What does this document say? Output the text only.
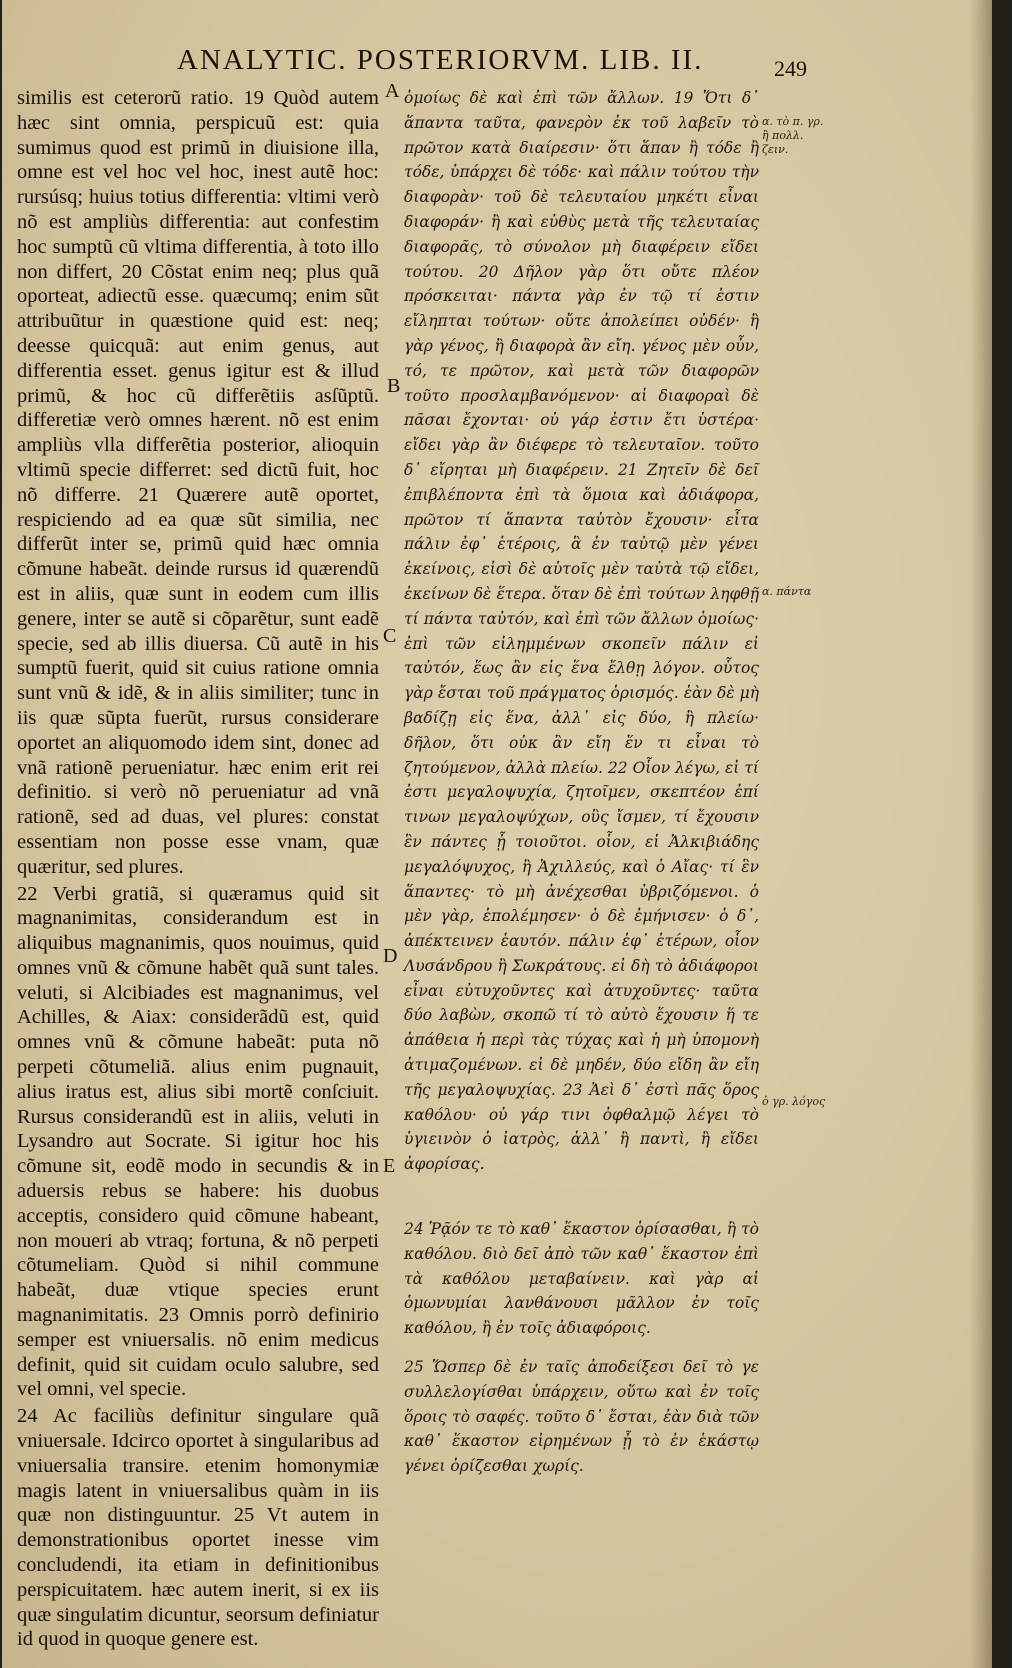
ANALYTIC. POSTERIORVM. LIB. II.	249

similis est ceterorũ ratio. 19 Quòd autem hæc sint omnia, perspicuũ est: quia sumimus quod est primũ in diuisione illa, omne est vel hoc vel hoc, inest autẽ hoc: rursúsq; huius totius differentia: vltimi verò nõ est ampliùs differentia: aut confestim hoc sumptũ cũ vltima differentia, à toto illo non differt, 20 Cõstat enim neq; plus quã oporteat, adiectũ esse. quæcumq; enim sũt attribuũtur in quæstione quid est: neq; deesse quicquã: aut enim genus, aut differentia esset. genus igitur est & illud primũ, & hoc cũ differẽtiis asſũptũ. differetiæ verò omnes hærent. nõ est enim ampliùs vlla differẽtia posterior, alioquin vltimũ specie differret: sed dictũ fuit, hoc nõ differre. 21 Quærere autẽ oportet, respiciendo ad ea quæ sũt similia, nec differũt inter se, primũ quid hæc omnia cõmune habeãt. deinde rursus id quærendũ est in aliis, quæ sunt in eodem cum illis genere, inter se autẽ si cõparẽtur, sunt eadẽ specie, sed ab illis diuersa. Cũ autẽ in his sumptũ fuerit, quid sit cuius ratione omnia sunt vnũ & idẽ, & in aliis similiter; tunc in iis quæ sũpta fuerũt, rursus considerare oportet an aliquomodo idem sint, donec ad vnã rationẽ perueniatur. hæc enim erit rei definitio. si verò nõ perueniatur ad vnã rationẽ, sed ad duas, vel plures: constat essentiam non posse esse vnam, quæ quæritur, sed plures.

22 Verbi gratiã, si quæramus quid sit magnanimitas, considerandum est in aliquibus magnanimis, quos nouimus, quid omnes vnũ & cõmune habẽt quã sunt tales. veluti, si Alcibiades est magnanimus, vel Achilles, & Aiax: considerãdũ est, quid omnes vnũ & cõmune habeãt: puta nõ perpeti cõtumeliã. alius enim pugnauit, alius iratus est, alius sibi mortẽ conſciuit. Rursus considerandũ est in aliis, veluti in Lysandro aut Socrate. Si igitur hoc his cõmune sit, eodẽ modo in secundis & in aduersis rebus se habere: his duobus acceptis, considero quid cõmune habeant, non moueri ab vtraq; fortuna, & nõ perpeti cõtumeliam. Quòd si nihil commune habeãt, duæ vtique species erunt magnanimitatis. 23 Omnis porrò definirio semper est vniuersalis. nõ enim medicus definit, quid sit cuidam oculo salubre, sed vel omni, vel specie.

24 Ac faciliùs definitur singulare quã vniuersale. Idcirco oportet à singularibus ad vniuersalia transire. etenim homonymiæ magis latent in vniuersalibus quàm in iis quæ non distinguuntur. 25 Vt autem in demonstrationibus oportet inesse vim concludendi, ita etiam in definitionibus perspicuitatem. hæc autem inerit, si ex iis quæ singulatim dicuntur, seorsum definiatur id quod in quoque genere est.

A
B
C
D
E

ὁμοίως δὲ καὶ ἐπὶ τῶν ἄλλων. 19 Ὅτι δ᾽ ἅπαντα ταῦτα, φανερὸν ἐκ τοῦ λαβεῖν τὸ πρῶτον κατὰ διαίρεσιν· ὅτι ἅπαν ἢ τόδε ἢ τόδε, ὑπάρχει δὲ τόδε· καὶ πάλιν τούτου τὴν διαφορὰν· τοῦ δὲ τελευταίου μηκέτι εἶναι διαφοράν· ἢ καὶ εὐθὺς μετὰ τῆς τελευταίας διαφορᾶς, τὸ σύνολον μὴ διαφέρειν εἴδει τούτου. 20 Δῆλον γὰρ ὅτι οὔτε πλέον πρόσκειται· πάντα γὰρ ἐν τῷ τί ἐστιν εἴληπται τούτων· οὔτε ἀπολείπει οὐδέν· ἢ γὰρ γένος, ἢ διαφορὰ ἂν εἴη. γένος μὲν οὖν, τό, τε πρῶτον, καὶ μετὰ τῶν διαφορῶν τοῦτο προσλαμβανόμενον· αἱ διαφοραὶ δὲ πᾶσαι ἔχονται· οὐ γάρ ἐστιν ἔτι ὑστέρα· εἴδει γὰρ ἂν διέφερε τὸ τελευταῖον. τοῦτο δ᾽ εἴρηται μὴ διαφέρειν. 21 Ζητεῖν δὲ δεῖ ἐπιβλέποντα ἐπὶ τὰ ὅμοια καὶ ἀδιάφορα, πρῶτον τί ἅπαντα ταὐτὸν ἔχουσιν· εἶτα πάλιν ἐφ᾽ ἑτέροις, ἃ ἐν ταὐτῷ μὲν γένει ἐκείνοις, εἰσὶ δὲ αὑτοῖς μὲν ταὐτὰ τῷ εἴδει, ἐκείνων δὲ ἕτερα. ὅταν δὲ ἐπὶ τούτων ληφθῇ τί πάντα ταὐτόν, καὶ ἐπὶ τῶν ἄλλων ὁμοίως· ἐπὶ τῶν εἰλημμένων σκοπεῖν πάλιν εἰ ταὐτόν, ἕως ἂν εἰς ἕνα ἔλθῃ λόγον. οὗτος γὰρ ἔσται τοῦ πράγματος ὁρισμός. ἐὰν δὲ μὴ βαδίζῃ εἰς ἕνα, ἀλλ᾽ εἰς δύο, ἢ πλείω· δῆλον, ὅτι οὐκ ἂν εἴη ἕν τι εἶναι τὸ ζητούμενον, ἀλλὰ πλείω. 22 Οἷον λέγω, εἰ τί ἐστι μεγαλοψυχία, ζητοῖμεν, σκεπτέον ἐπί τινων μεγαλοψύχων, οὓς ἴσμεν, τί ἔχουσιν ἓν πάντες ᾗ τοιοῦτοι. οἷον, εἰ Ἀλκιβιάδης μεγαλόψυχος, ἢ Ἀχιλλεύς, καὶ ὁ Αἴας· τί ἓν ἅπαντες· τὸ μὴ ἀνέχεσθαι ὑβριζόμενοι. ὁ μὲν γὰρ, ἐπολέμησεν· ὁ δὲ ἐμήνισεν· ὁ δ᾽, ἀπέκτεινεν ἑαυτόν. πάλιν ἐφ᾽ ἑτέρων, οἷον Λυσάνδρου ἢ Σωκράτους. εἰ δὴ τὸ ἀδιάφοροι εἶναι εὐτυχοῦντες καὶ ἀτυχοῦντες· ταῦτα δύο λαβὼν, σκοπῶ τί τὸ αὐτὸ ἔχουσιν ἥ τε ἀπάθεια ἡ περὶ τὰς τύχας καὶ ἡ μὴ ὑπομονὴ ἀτιμαζομένων. εἰ δὲ μηδέν, δύο εἴδη ἂν εἴη τῆς μεγαλοψυχίας. 23 Ἀεὶ δ᾽ ἐστὶ πᾶς ὅρος καθόλου· οὐ γάρ τινι ὀφθαλμῷ λέγει τὸ ὑγιεινὸν ὁ ἰατρὸς, ἀλλ᾽ ἢ παντὶ, ἢ εἴδει ἀφορίσας.

24 Ῥᾷόν τε τὸ καθ᾽ ἕκαστον ὁρίσασθαι, ἢ τὸ καθόλου. διὸ δεῖ ἀπὸ τῶν καθ᾽ ἕκαστον ἐπὶ τὰ καθόλου μεταβαίνειν. καὶ γὰρ αἱ ὁμωνυμίαι λανθάνουσι μᾶλλον ἐν τοῖς καθόλου, ἢ ἐν τοῖς ἀδιαφόροις.

25 Ὥσπερ δὲ ἐν ταῖς ἀποδείξεσι δεῖ τὸ γε συλλελογίσθαι ὑπάρχειν, οὕτω καὶ ἐν τοῖς ὅροις τὸ σαφές. τοῦτο δ᾽ ἔσται, ἐὰν διὰ τῶν καθ᾽ ἕκαστον εἰρημένων ᾖ τὸ ἐν ἑκάστῳ γένει ὁρίζεσθαι χωρίς.

α. τὸ π. γρ. ἢ πολλ. ζειν.
α. πάντα
ὁ γρ. λόγος
